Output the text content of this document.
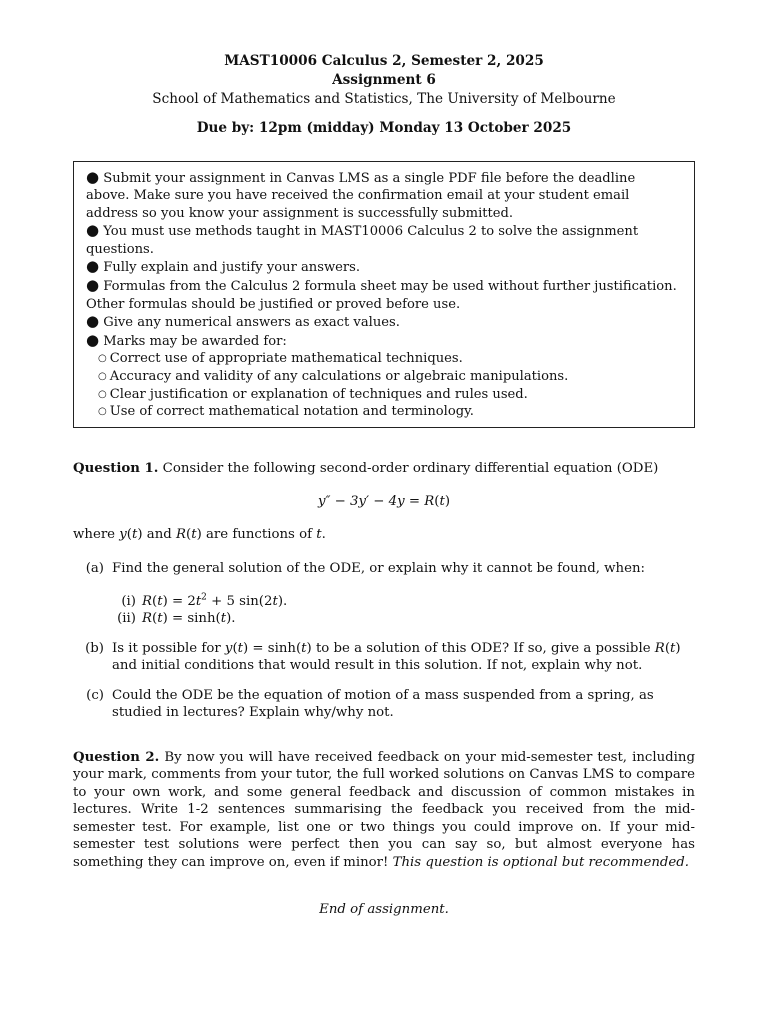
MAST10006 Calculus 2, Semester 2, 2025
Assignment 6
School of Mathematics and Statistics, The University of Melbourne
Due by: 12pm (midday) Monday 13 October 2025

● Submit your assignment in Canvas LMS as a single PDF file before the deadline above. Make sure you have received the confirmation email at your student email address so you know your assignment is successfully submitted.

● You must use methods taught in MAST10006 Calculus 2 to solve the assignment questions.

● Fully explain and justify your answers.

● Formulas from the Calculus 2 formula sheet may be used without further justification. Other formulas should be justified or proved before use.

● Give any numerical answers as exact values.

● Marks may be awarded for:

○ Correct use of appropriate mathematical techniques.

○ Accuracy and validity of any calculations or algebraic manipulations.

○ Clear justification or explanation of techniques and rules used.

○ Use of correct mathematical notation and terminology.

Question 1. Consider the following second-order ordinary differential equation (ODE)
y″ − 3y′ − 4y = R(t)
where y(t) and R(t) are functions of t.
(a) Find the general solution of the ODE, or explain why it cannot be found, when:
(i) $R(t) = 2t^2 + 5$ sin(2t).
(ii) R(t) = sinh(t).
(b) Is it possible for y(t) = sinh(t) to be a solution of this ODE? If so, give a possible R(t) and initial conditions that would result in this solution. If not, explain why not.
(c) Could the ODE be the equation of motion of a mass suspended from a spring, as studied in lectures? Explain why/why not.
Question 2. By now you will have received feedback on your mid-semester test, including your mark, comments from your tutor, the full worked solutions on Canvas LMS to compare to your own work, and some general feedback and discussion of common mistakes in lectures. Write 1-2 sentences summarising the feedback you received from the mid-semester test. For example, list one or two things you could improve on. If your mid-semester test solutions were perfect then you can say so, but almost everyone has something they can improve on, even if minor! This question is optional but recommended.
End of assignment.
